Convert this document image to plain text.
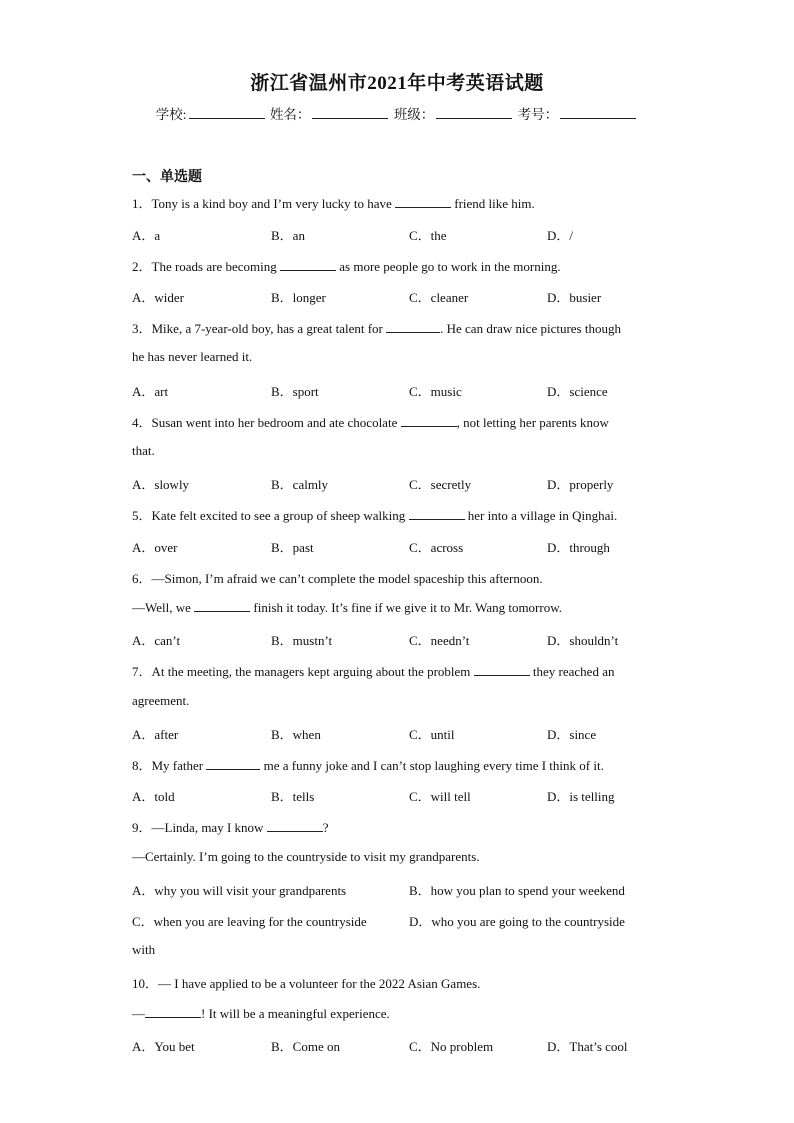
浙江省温州市2021年中考英语试题
学校:	姓名：	班级：	考号：
一、单选题
1．Tony is a kind boy and I’m very lucky to have	friend like him.
A．a	B．an	C．the	D．/
2．The roads are becoming	as more people go to work in the morning.
A．wider	B．longer	C．cleaner	D．busier
3．Mike, a 7-year-old boy, has a great talent for	. He can draw nice pictures though
he has never learned it.
A．art	B．sport	C．music	D．science
4．Susan went into her bedroom and ate chocolate	, not letting her parents know
that.
A．slowly	B．calmly	C．secretly	D．properly
5．Kate felt excited to see a group of sheep walking	her into a village in Qinghai.
A．over	B．past	C．across	D．through
6．—Simon, I’m afraid we can’t complete the model spaceship this afternoon.
—Well, we	finish it today. It’s fine if we give it to Mr. Wang tomorrow.
A．can’t	B．mustn’t	C．needn’t	D．shouldn’t
7．At the meeting, the managers kept arguing about the problem	they reached an
agreement.
A．after	B．when	C．until	D．since
8．My father	me a funny joke and I can’t stop laughing every time I think of it.
A．told	B．tells	C．will tell	D．is telling
9．—Linda, may I know	?
—Certainly. I’m going to the countryside to visit my grandparents.
A．why you will visit your grandparents	B．how you plan to spend your weekend
C．when you are leaving for the countryside	D．who you are going to the countryside
with
10．— I have applied to be a volunteer for the 2022 Asian Games.
—	! It will be a meaningful experience.
A．You bet	B．Come on	C．No problem	D．That’s cool
